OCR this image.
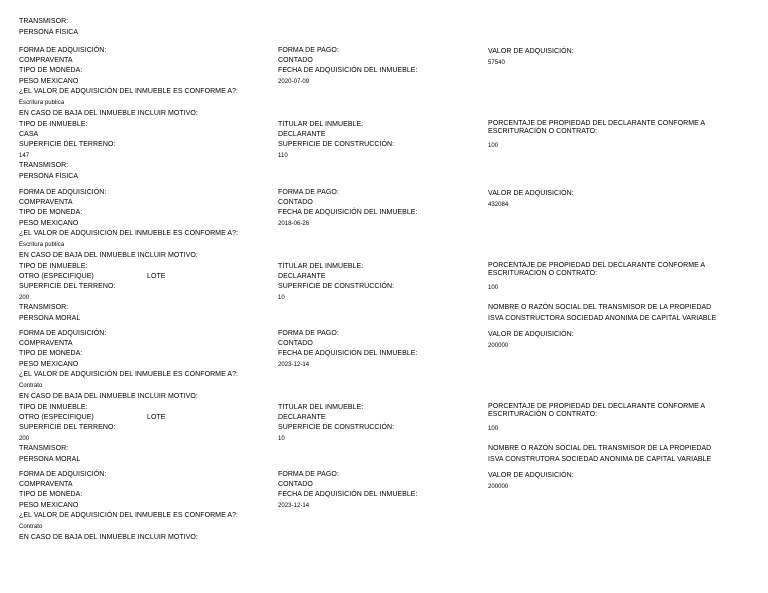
TRANSMISOR:
PERSONA FISICA
FORMA DE ADQUISICIÓN:
COMPRAVENTA
TIPO DE MONEDA:
PESO MEXICANO
¿EL VALOR DE ADQUISICIÓN DEL INMUEBLE ES CONFORME A?:
Escritura publica
EN CASO DE BAJA DEL INMUEBLE INCLUIR MOTIVO:
FORMA DE PAGO:
CONTADO
FECHA DE ADQUISICIÓN DEL INMUEBLE:
2020-07-09
VALOR DE ADQUISICIÓN:
57540
TIPO DE INMUEBLE:
CASA
SUPERFICIE DEL TERRENO:
147
TITULAR DEL INMUEBLE:
DECLARANTE
SUPERFICIE DE CONSTRUCCIÓN:
110
PORCENTAJE DE PROPIEDAD DEL DECLARANTE CONFORME A
ESCRITURACIÓN O CONTRATO:
100
TRANSMISOR:
PERSONA FISICA
FORMA DE ADQUISICIÓN:
COMPRAVENTA
TIPO DE MONEDA:
PESO MEXICANO
¿EL VALOR DE ADQUISICIÓN DEL INMUEBLE ES CONFORME A?:
Escritura publica
EN CASO DE BAJA DEL INMUEBLE INCLUIR MOTIVO:
FORMA DE PAGO:
CONTADO
FECHA DE ADQUISICIÓN DEL INMUEBLE:
2018-06-26
VALOR DE ADQUISICIÓN:
432084
TIPO DE INMUEBLE:
OTRO (ESPECIFIQUE)	LOTE
SUPERFICIE DEL TERRENO:
200
TITULAR DEL INMUEBLE:
DECLARANTE
SUPERFICIE DE CONSTRUCCIÓN:
10
PORCENTAJE DE PROPIEDAD DEL DECLARANTE CONFORME A
ESCRITURACIÓN O CONTRATO:
100
TRANSMISOR:
PERSONA MORAL
NOMBRE O RAZÓN SOCIAL DEL TRANSMISOR DE LA PROPIEDAD
ISVA CONSTRUCTORA SOCIEDAD ANONIMA DE CAPITAL VARIABLE
FORMA DE ADQUISICIÓN:
COMPRAVENTA
TIPO DE MONEDA:
PESO MEXICANO
¿EL VALOR DE ADQUISICIÓN DEL INMUEBLE ES CONFORME A?:
Contrato
EN CASO DE BAJA DEL INMUEBLE INCLUIR MOTIVO:
FORMA DE PAGO:
CONTADO
FECHA DE ADQUISICIÓN DEL INMUEBLE:
2023-12-14
VALOR DE ADQUISICIÓN:
200000
TIPO DE INMUEBLE:
OTRO (ESPECIFIQUE)	LOTE
SUPERFICIE DEL TERRENO:
200
TITULAR DEL INMUEBLE:
DECLARANTE
SUPERFICIE DE CONSTRUCCIÓN:
10
PORCENTAJE DE PROPIEDAD DEL DECLARANTE CONFORME A
ESCRITURACIÓN O CONTRATO:
100
TRANSMISOR:
PERSONA MORAL
NOMBRE O RAZÓN SOCIAL DEL TRANSMISOR DE LA PROPIEDAD
ISVA CONSTRUTORA SOCIEDAD ANONIMA DE CAPITAL VARIABLE
FORMA DE ADQUISICIÓN:
COMPRAVENTA
TIPO DE MONEDA:
PESO MEXICANO
¿EL VALOR DE ADQUISICIÓN DEL INMUEBLE ES CONFORME A?:
Contrato
EN CASO DE BAJA DEL INMUEBLE INCLUIR MOTIVO:
FORMA DE PAGO:
CONTADO
FECHA DE ADQUISICIÓN DEL INMUEBLE:
2023-12-14
VALOR DE ADQUISICIÓN:
200000
